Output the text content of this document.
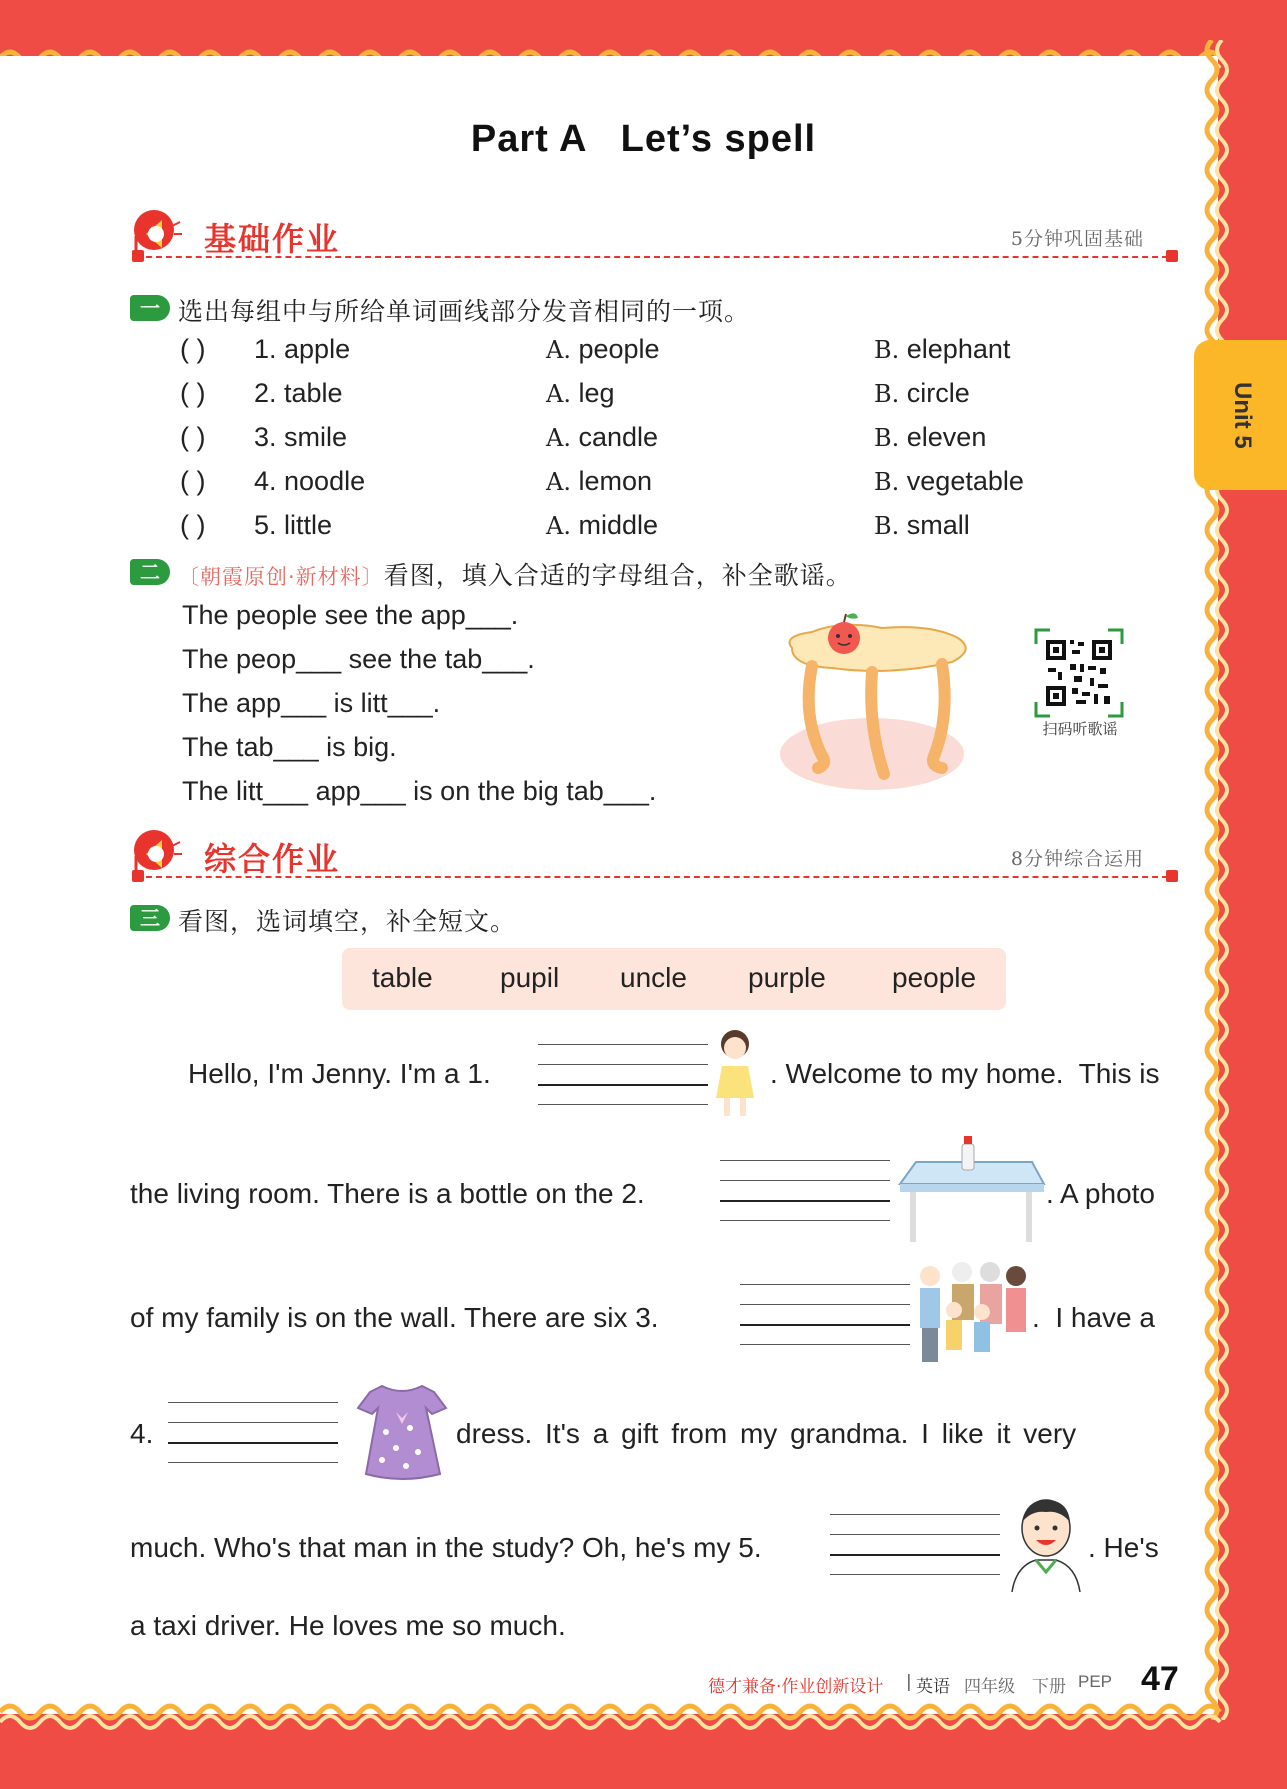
Unit 5
Part A   Let’s spell
基础作业	5分钟巩固基础
一 选出每组中与所给单词画线部分发音相同的一项。
( ) 1. apple	A. people	B. elephant
( ) 2. table	A. leg	B. circle
( ) 3. smile	A. candle	B. eleven
( ) 4. noodle	A. lemon	B. vegetable
( ) 5. little	A. middle	B. small
二 〔朝霞原创·新材料〕看图，填入合适的字母组合，补全歌谣。
The people see the app___.
The peop___ see the tab___.
The app___ is litt___.
The tab___ is big.
The litt___ app___ is on the big tab___.
扫码听歌谣
综合作业	8分钟综合运用
三 看图，选词填空，补全短文。
table pupil uncle purple people
Hello, I'm Jenny. I'm a 1.	. Welcome to my home.  This is
the living room. There is a bottle on the 2.	. A photo
of my family is on the wall. There are six 3.	.  I have a
4.	dress. It's a gift from my grandma. I like it very
much. Who's that man in the study? Oh, he's my 5.	. He's
a taxi driver. He loves me so much.
德才兼备·作业创新设计 | 英语 四年级 下册 PEP 47
